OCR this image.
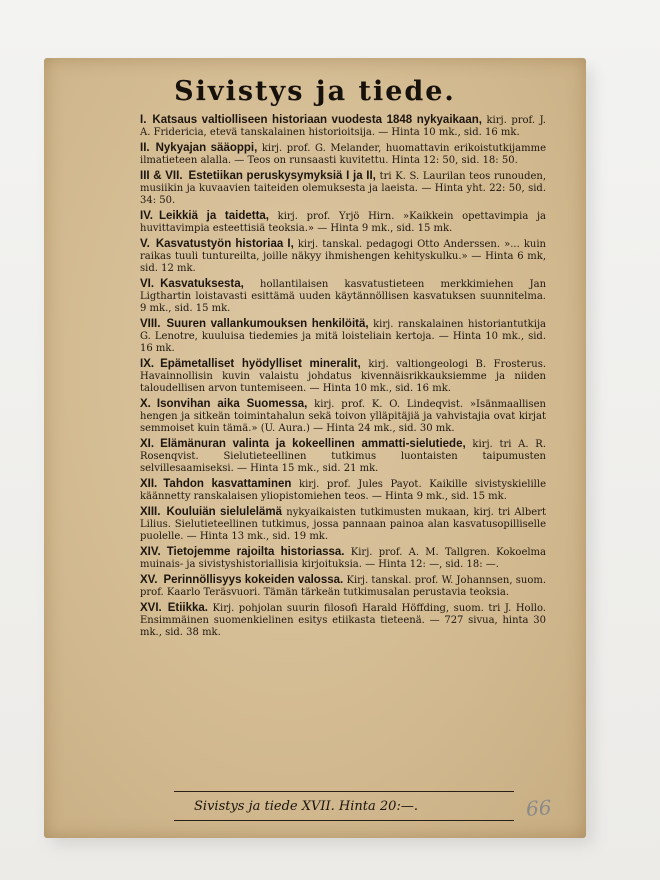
Sivistys ja tiede.
I. Katsaus valtiolliseen historiaan vuodesta 1848 nykyaikaan, kirj. prof. J. A. Fridericia, etevä tanskalainen historioitsija. — Hinta 10 mk., sid. 16 mk.
II. Nykyajan sääoppi, kirj. prof. G. Melander, huomattavin erikoistutkijamme ilmatieteen alalla. — Teos on runsaasti kuvitettu. Hinta 12: 50, sid. 18: 50.
III & VII. Estetiikan peruskysymyksiä I ja II, tri K. S. Laurilan teos runouden, musiikin ja kuvaavien taiteiden olemuksesta ja laeista. — Hinta yht. 22: 50, sid. 34: 50.
IV. Leikkiä ja taidetta, kirj. prof. Yrjö Hirn. »Kaikkein opettavimpia ja huvittavimpia esteettisiä teoksia.» — Hinta 9 mk., sid. 15 mk.
V. Kasvatustyön historiaa I, kirj. tanskal. pedagogi Otto Anderssen. »... kuin raikas tuuli tuntureilta, joille näkyy ihmishengen kehityskulku.» — Hinta 6 mk, sid. 12 mk.
VI. Kasvatuksesta, hollantilaisen kasvatustieteen merkkimiehen Jan Ligthartin loistavasti esittämä uuden käytännöllisen kasvatuksen suunnitelma. 9 mk., sid. 15 mk.
VIII. Suuren vallankumouksen henkilöitä, kirj. ranskalainen historiantutkija G. Lenotre, kuuluisa tiedemies ja mitä loisteliain kertoja. — Hinta 10 mk., sid. 16 mk.
IX. Epämetalliset hyödylliset mineralit, kirj. valtiongeologi B. Frosterus. Havainnollisin kuvin valaistu johdatus kivennäisrikkauksiemme ja niiden taloudellisen arvon tuntemiseen. — Hinta 10 mk., sid. 16 mk.
X. Isonvihan aika Suomessa, kirj. prof. K. O. Lindeqvist. »Isänmaallisen hengen ja sitkeän toimintahalun sekä toivon ylläpitäjiä ja vahvistajia ovat kirjat semmoiset kuin tämä.» (U. Aura.) — Hinta 24 mk., sid. 30 mk.
XI. Elämänuran valinta ja kokeellinen ammatti-sielutiede, kirj. tri A. R. Rosenqvist. Sielutieteellinen tutkimus luontaisten taipumusten selvillesaamiseksi. — Hinta 15 mk., sid. 21 mk.
XII. Tahdon kasvattaminen kirj. prof. Jules Payot. Kaikille sivistyskielille käännetty ranskalaisen yliopistomiehen teos. — Hinta 9 mk., sid. 15 mk.
XIII. Kouluiän sielulelämä nykyaikaisten tutkimusten mukaan, kirj. tri Albert Lilius. Sielutieteellinen tutkimus, jossa pannaan painoa alan kasvatusopilliselle puolelle. — Hinta 13 mk., sid. 19 mk.
XIV. Tietojemme rajoilta historiassa. Kirj. prof. A. M. Tallgren. Kokoelma muinais- ja sivistyshistoriallisia kirjoituksia. — Hinta 12: —, sid. 18: —.
XV. Perinnöllisyys kokeiden valossa. Kirj. tanskal. prof. W. Johannsen, suom. prof. Kaarlo Teräsvuori. Tämän tärkeän tutkimusalan perustavia teoksia.
XVI. Etiikka. Kirj. pohjolan suurin filosofi Harald Höffding, suom. tri J. Hollo. Ensimmäinen suomenkielinen esitys etiikasta tieteenä. — 727 sivua, hinta 30 mk., sid. 38 mk.
Sivistys ja tiede XVII. Hinta 20:—.	66
